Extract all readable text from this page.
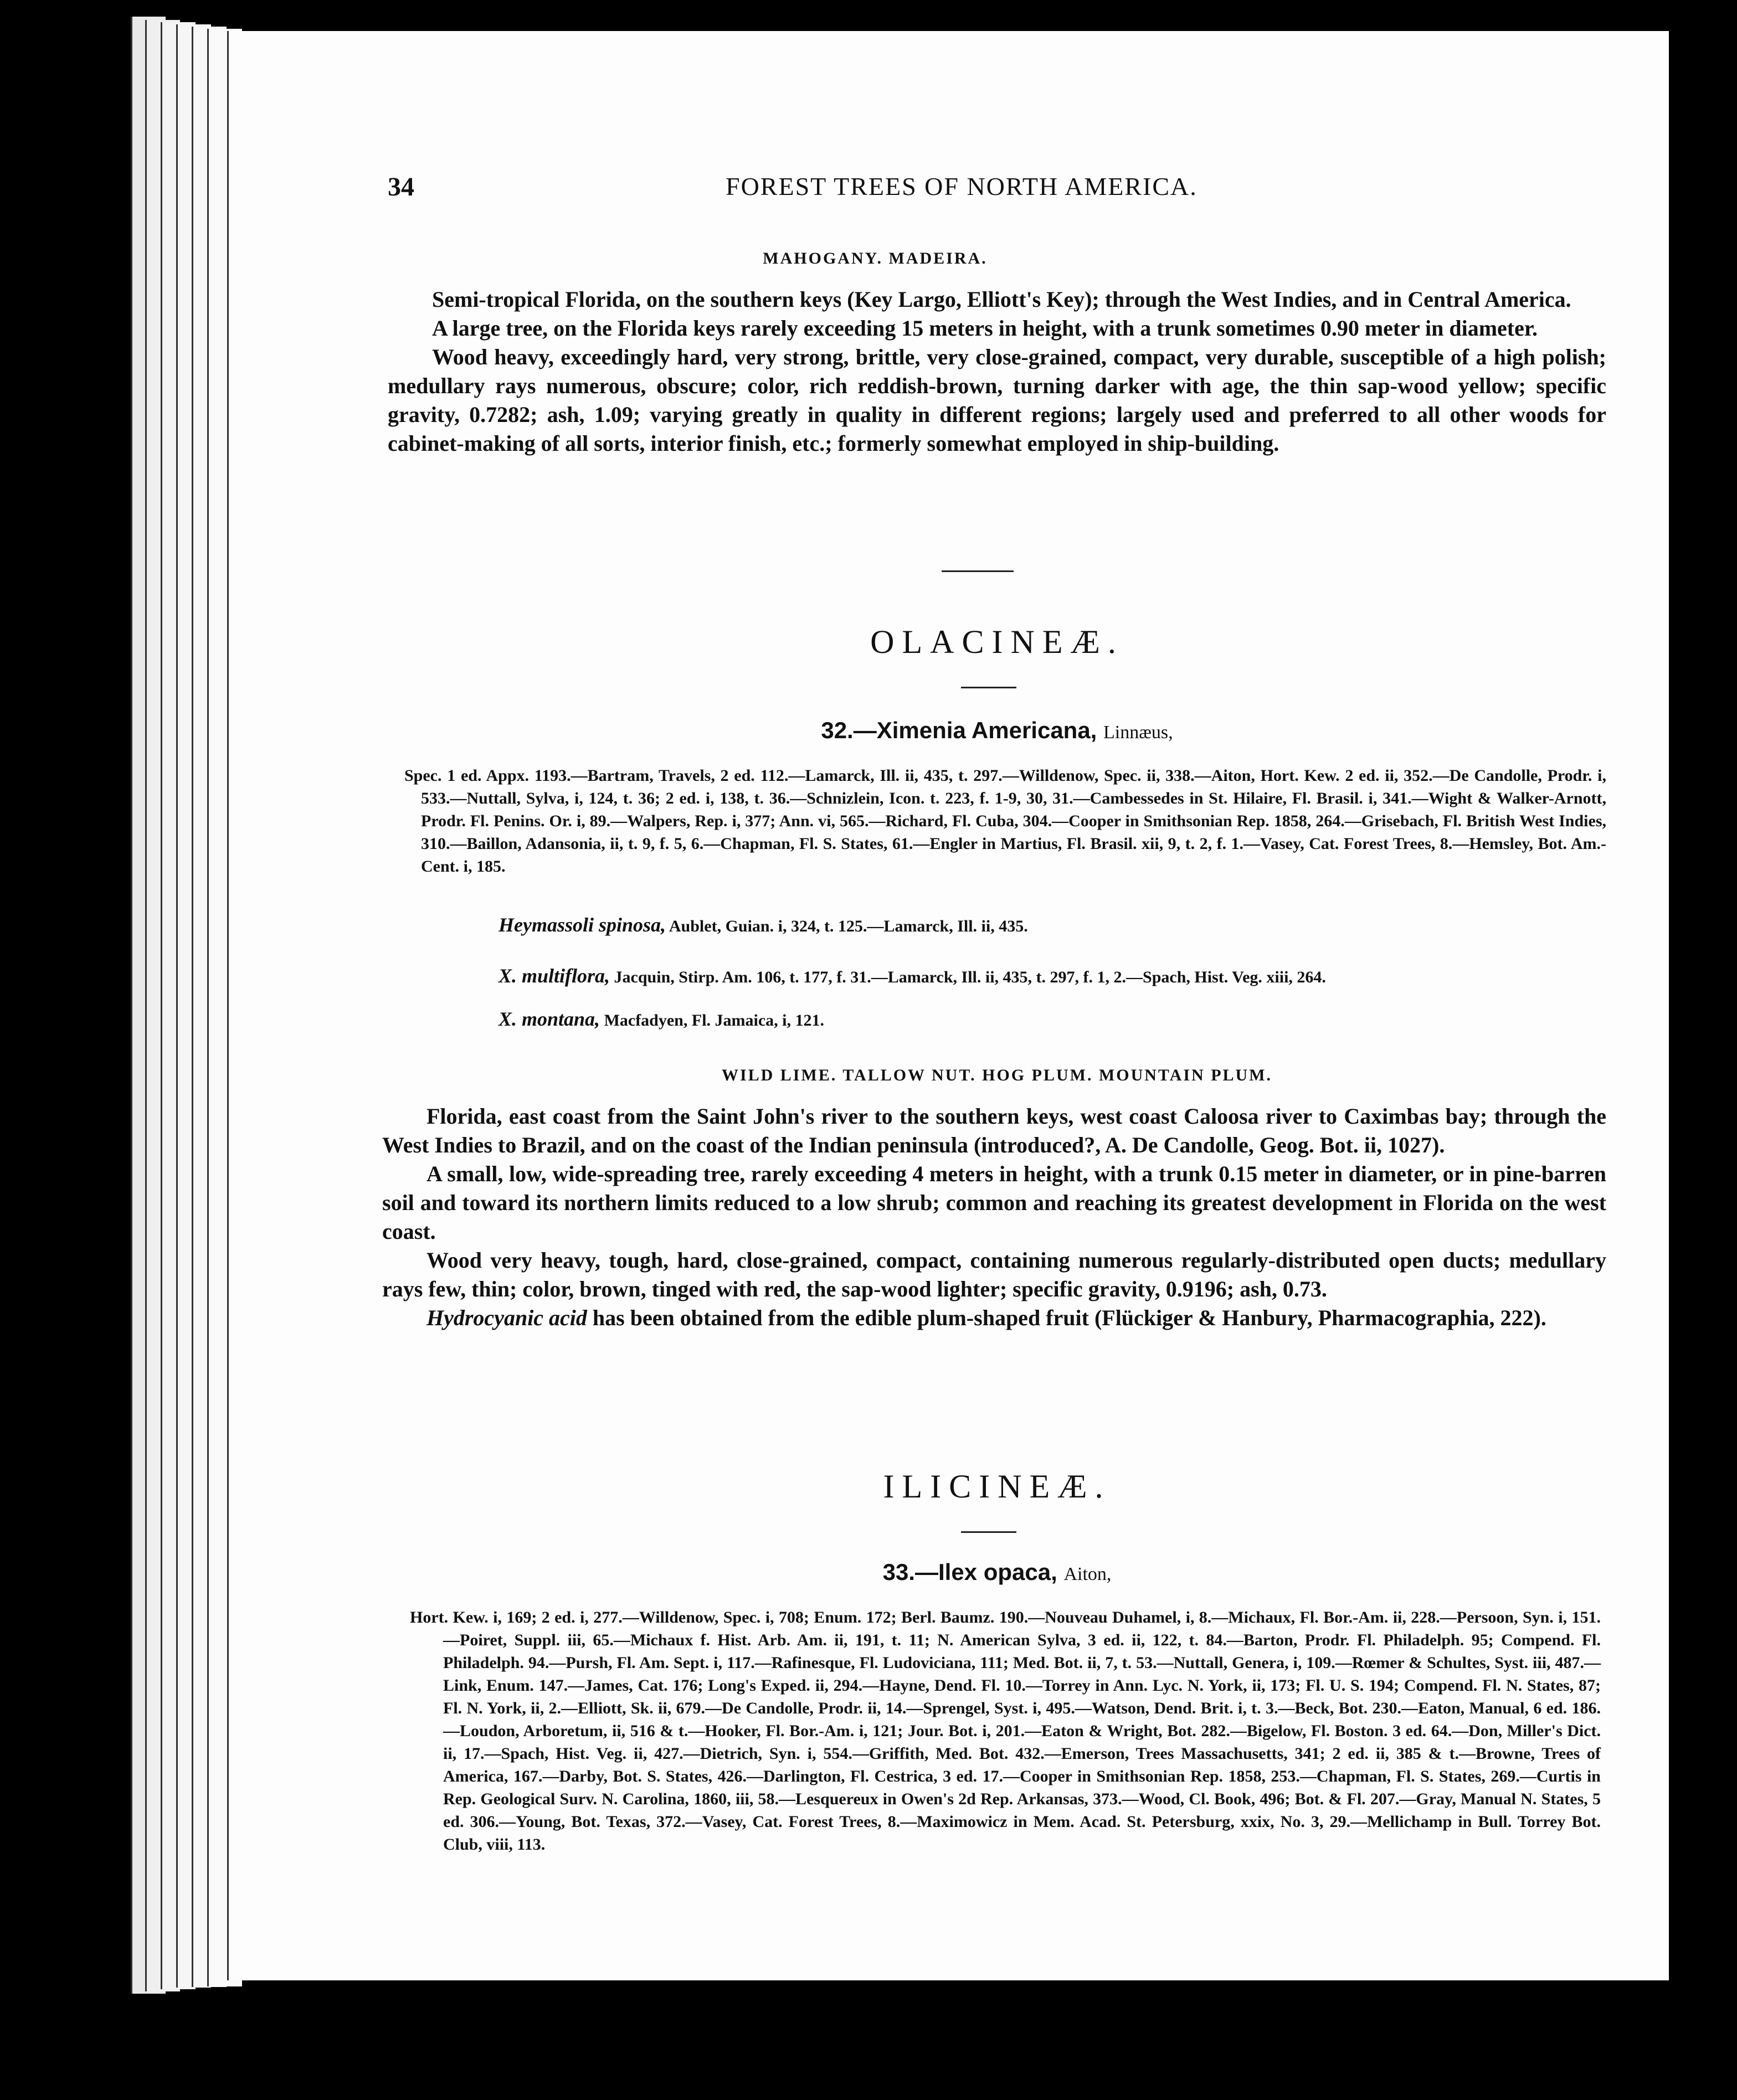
34	FOREST TREES OF NORTH AMERICA.
MAHOGANY. MADEIRA.

Semi-tropical Florida, on the southern keys (Key Largo, Elliott's Key); through the West Indies, and in Central America.

A large tree, on the Florida keys rarely exceeding 15 meters in height, with a trunk sometimes 0.90 meter in diameter.

Wood heavy, exceedingly hard, very strong, brittle, very close-grained, compact, very durable, susceptible of a high polish; medullary rays numerous, obscure; color, rich reddish-brown, turning darker with age, the thin sap-wood yellow; specific gravity, 0.7282; ash, 1.09; varying greatly in quality in different regions; largely used and preferred to all other woods for cabinet-making of all sorts, interior finish, etc.; formerly somewhat employed in ship-building.

OLACINEÆ.
32.—Ximenia Americana, Linnæus,
Spec. 1 ed. Appx. 1193.—Bartram, Travels, 2 ed. 112.—Lamarck, Ill. ii, 435, t. 297.—Willdenow, Spec. ii, 338.—Aiton, Hort. Kew. 2 ed. ii, 352.—De Candolle, Prodr. i, 533.—Nuttall, Sylva, i, 124, t. 36; 2 ed. i, 138, t. 36.—Schnizlein, Icon. t. 223, f. 1-9, 30, 31.—Cambessedes in St. Hilaire, Fl. Brasil. i, 341.—Wight & Walker-Arnott, Prodr. Fl. Penins. Or. i, 89.—Walpers, Rep. i, 377; Ann. vi, 565.—Richard, Fl. Cuba, 304.—Cooper in Smithsonian Rep. 1858, 264.—Grisebach, Fl. British West Indies, 310.—Baillon, Adansonia, ii, t. 9, f. 5, 6.—Chapman, Fl. S. States, 61.—Engler in Martius, Fl. Brasil. xii, 9, t. 2, f. 1.—Vasey, Cat. Forest Trees, 8.—Hemsley, Bot. Am.-Cent. i, 185.
Heymassoli spinosa, Aublet, Guian. i, 324, t. 125.—Lamarck, Ill. ii, 435.
X. multiflora, Jacquin, Stirp. Am. 106, t. 177, f. 31.—Lamarck, Ill. ii, 435, t. 297, f. 1, 2.—Spach, Hist. Veg. xiii, 264.
X. montana, Macfadyen, Fl. Jamaica, i, 121.
WILD LIME. TALLOW NUT. HOG PLUM. MOUNTAIN PLUM.

Florida, east coast from the Saint John's river to the southern keys, west coast Caloosa river to Caximbas bay; through the West Indies to Brazil, and on the coast of the Indian peninsula (introduced?, A. De Candolle, Geog. Bot. ii, 1027).

A small, low, wide-spreading tree, rarely exceeding 4 meters in height, with a trunk 0.15 meter in diameter, or in pine-barren soil and toward its northern limits reduced to a low shrub; common and reaching its greatest development in Florida on the west coast.

Wood very heavy, tough, hard, close-grained, compact, containing numerous regularly-distributed open ducts; medullary rays few, thin; color, brown, tinged with red, the sap-wood lighter; specific gravity, 0.9196; ash, 0.73.

Hydrocyanic acid has been obtained from the edible plum-shaped fruit (Flückiger & Hanbury, Pharmacographia, 222).

ILICINEÆ.
33.—Ilex opaca, Aiton,
Hort. Kew. i, 169; 2 ed. i, 277.—Willdenow, Spec. i, 708; Enum. 172; Berl. Baumz. 190.—Nouveau Duhamel, i, 8.—Michaux, Fl. Bor.-Am. ii, 228.—Persoon, Syn. i, 151.—Poiret, Suppl. iii, 65.—Michaux f. Hist. Arb. Am. ii, 191, t. 11; N. American Sylva, 3 ed. ii, 122, t. 84.—Barton, Prodr. Fl. Philadelph. 95; Compend. Fl. Philadelph. 94.—Pursh, Fl. Am. Sept. i, 117.—Rafinesque, Fl. Ludoviciana, 111; Med. Bot. ii, 7, t. 53.—Nuttall, Genera, i, 109.—Rœmer & Schultes, Syst. iii, 487.—Link, Enum. 147.—James, Cat. 176; Long's Exped. ii, 294.—Hayne, Dend. Fl. 10.—Torrey in Ann. Lyc. N. York, ii, 173; Fl. U. S. 194; Compend. Fl. N. States, 87; Fl. N. York, ii, 2.—Elliott, Sk. ii, 679.—De Candolle, Prodr. ii, 14.—Sprengel, Syst. i, 495.—Watson, Dend. Brit. i, t. 3.—Beck, Bot. 230.—Eaton, Manual, 6 ed. 186.—Loudon, Arboretum, ii, 516 & t.—Hooker, Fl. Bor.-Am. i, 121; Jour. Bot. i, 201.—Eaton & Wright, Bot. 282.—Bigelow, Fl. Boston. 3 ed. 64.—Don, Miller's Dict. ii, 17.—Spach, Hist. Veg. ii, 427.—Dietrich, Syn. i, 554.—Griffith, Med. Bot. 432.—Emerson, Trees Massachusetts, 341; 2 ed. ii, 385 & t.—Browne, Trees of America, 167.—Darby, Bot. S. States, 426.—Darlington, Fl. Cestrica, 3 ed. 17.—Cooper in Smithsonian Rep. 1858, 253.—Chapman, Fl. S. States, 269.—Curtis in Rep. Geological Surv. N. Carolina, 1860, iii, 58.—Lesquereux in Owen's 2d Rep. Arkansas, 373.—Wood, Cl. Book, 496; Bot. & Fl. 207.—Gray, Manual N. States, 5 ed. 306.—Young, Bot. Texas, 372.—Vasey, Cat. Forest Trees, 8.—Maximowicz in Mem. Acad. St. Petersburg, xxix, No. 3, 29.—Mellichamp in Bull. Torrey Bot. Club, viii, 113.
